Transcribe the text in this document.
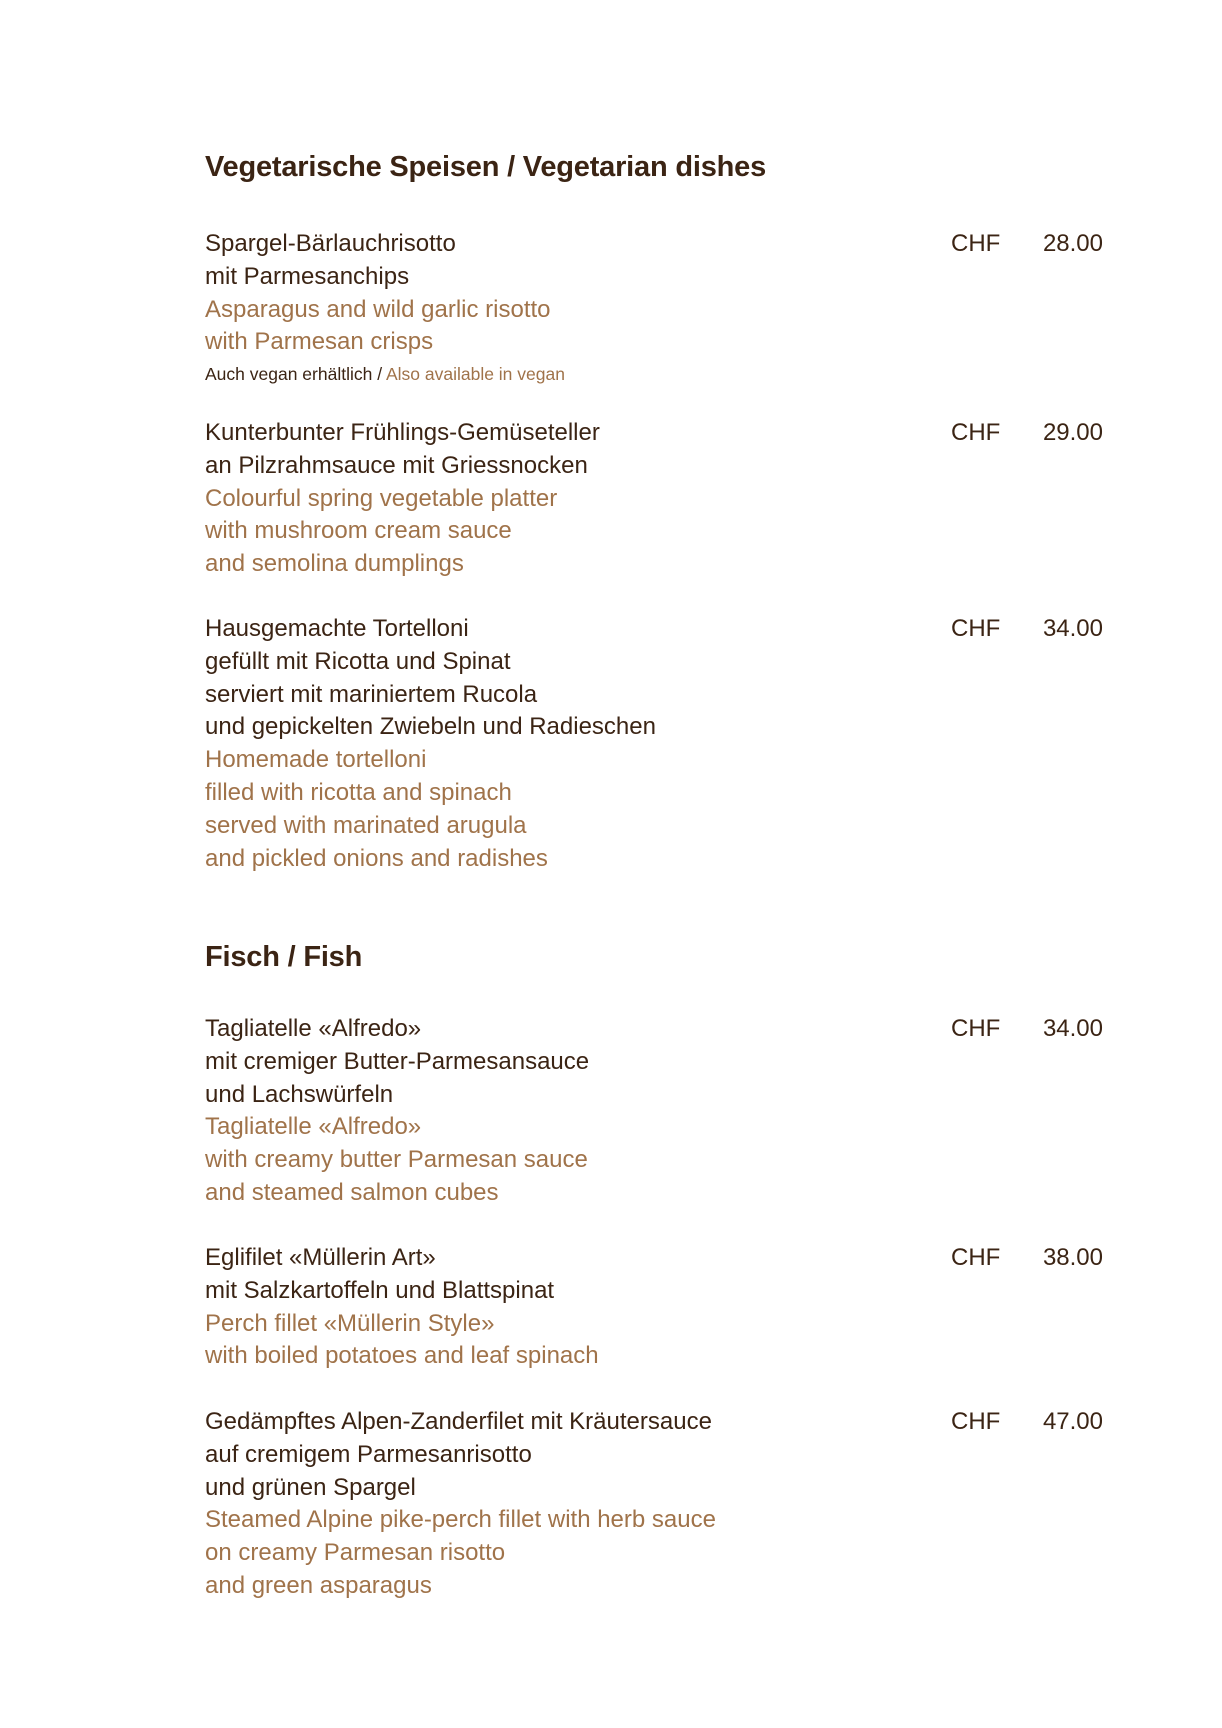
Vegetarische Speisen / Vegetarian dishes
Spargel-Bärlauchrisotto
mit Parmesanchips
Asparagus and wild garlic risotto
with Parmesan crisps
Auch vegan erhältlich / Also available in vegan
CHF	28.00
Kunterbunter Frühlings-Gemüseteller
an Pilzrahmsauce mit Griessnocken
Colourful spring vegetable platter
with mushroom cream sauce
and semolina dumplings
CHF	29.00
Hausgemachte Tortelloni
gefüllt mit Ricotta und Spinat
serviert mit mariniertem Rucola
und gepickelten Zwiebeln und Radieschen
Homemade tortelloni
filled with ricotta and spinach
served with marinated arugula
and pickled onions and radishes
CHF	34.00
Fisch / Fish
Tagliatelle «Alfredo»
mit cremiger Butter-Parmesansauce
und Lachswürfeln
Tagliatelle «Alfredo»
with creamy butter Parmesan sauce
and steamed salmon cubes
CHF	34.00
Eglifilet «Müllerin Art»
mit Salzkartoffeln und Blattspinat
Perch fillet «Müllerin Style»
with boiled potatoes and leaf spinach
CHF	38.00
Gedämpftes Alpen-Zanderfilet mit Kräutersauce
auf cremigem Parmesanrisotto
und grünen Spargel
Steamed Alpine pike-perch fillet with herb sauce
on creamy Parmesan risotto
and green asparagus
CHF	47.00
